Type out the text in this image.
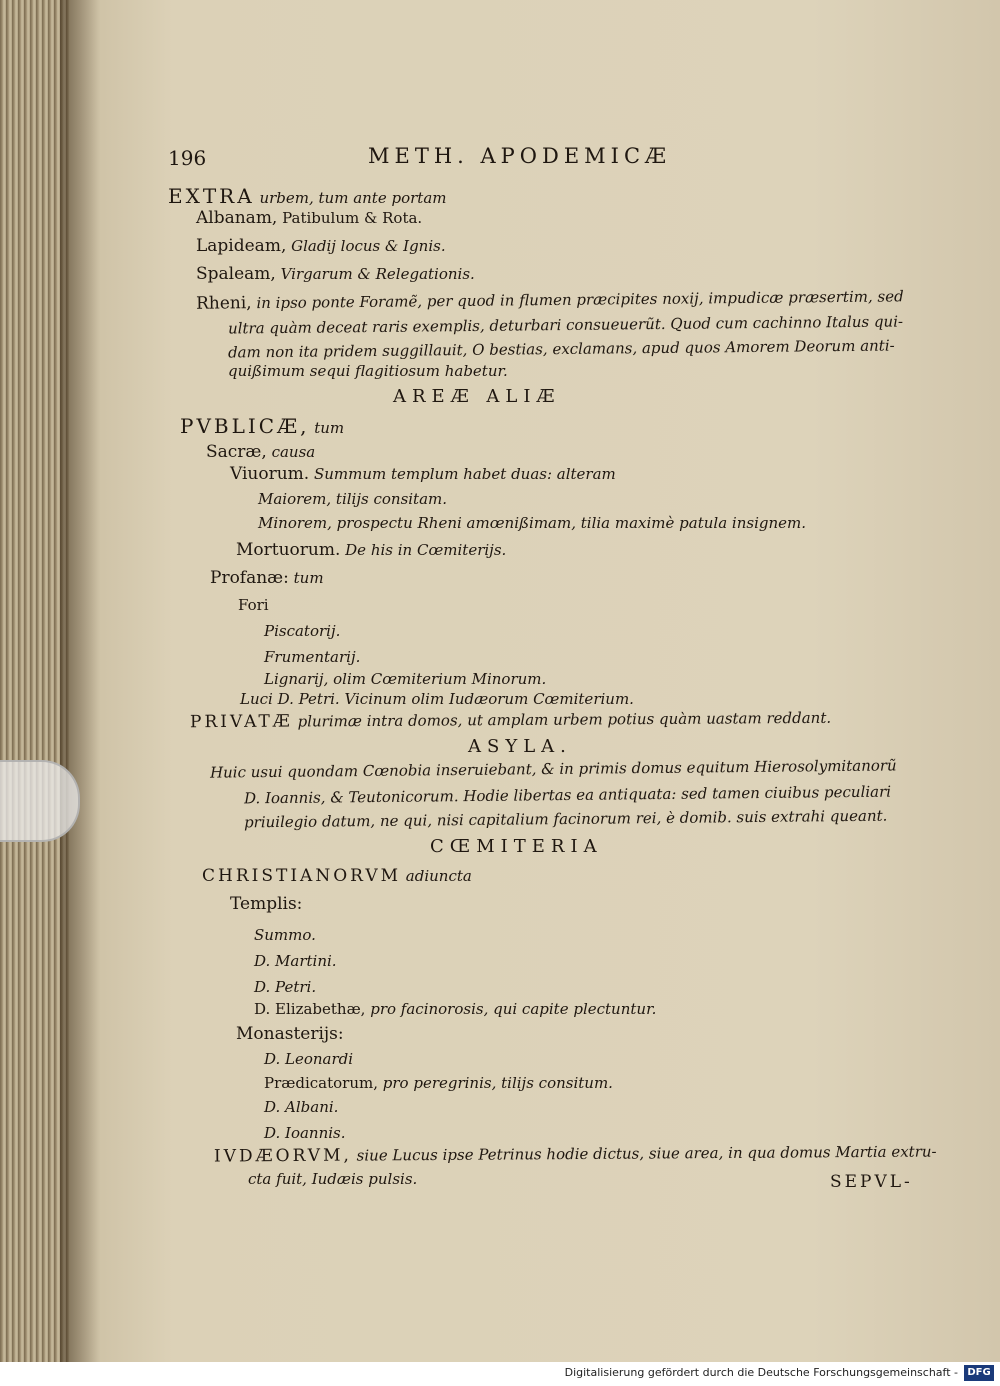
196	METH. APODEMICÆ
EXTRA urbem, tum ante portam
Albanam, Patibulum & Rota.
Lapideam, Gladij locus & Ignis.
Spaleam, Virgarum & Relegationis.
Rheni, in ipso ponte Foramẽ, per quod in flumen præcipites noxij, impudicæ præsertim, sed
ultra quàm deceat raris exemplis, deturbari consueuerũt. Quod cum cachinno Italus qui-
dam non ita pridem suggillauit, O bestias, exclamans, apud quos Amorem Deorum anti-
quißimum sequi flagitiosum habetur.
AREÆ ALIÆ
PVBLICÆ, tum
Sacræ, causa
Viuorum. Summum templum habet duas: alteram
Maiorem, tilijs consitam.
Minorem, prospectu Rheni amœnißimam, tilia maximè patula insignem.
Mortuorum. De his in Cœmiterijs.
Profanæ: tum
Fori
Piscatorij.
Frumentarij.
Lignarij, olim Cœmiterium Minorum.
Luci D. Petri. Vicinum olim Iudæorum Cœmiterium.
PRIVATÆ plurimæ intra domos, ut amplam urbem potius quàm uastam reddant.
ASYLA.
Huic usui quondam Cœnobia inseruiebant, & in primis domus equitum Hierosolymitanorũ
D. Ioannis, & Teutonicorum. Hodie libertas ea antiquata: sed tamen ciuibus peculiari
priuilegio datum, ne qui, nisi capitalium facinorum rei, è domib. suis extrahi queant.
CŒMITERIA
CHRISTIANORVM adiuncta
Templis:
Summo.
D. Martini.
D. Petri.
D. Elizabethæ, pro facinorosis, qui capite plectuntur.
Monasterijs:
D. Leonardi
Prædicatorum, pro peregrinis, tilijs consitum.
D. Albani.
D. Ioannis.
IVDÆORVM, siue Lucus ipse Petrinus hodie dictus, siue area, in qua domus Martia extru-
cta fuit, Iudæis pulsis.	SEPVL-
Digitalisierung gefördert durch die Deutsche Forschungsgemeinschaft - DFG
